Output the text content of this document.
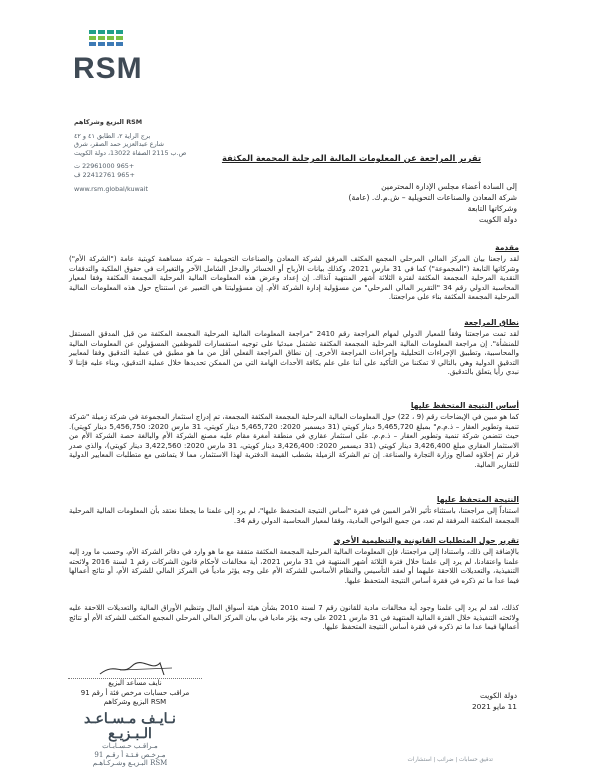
RSM
RSM البزيع وشركاهم
برج الراية ٢، الطابق ٤١ و ٤٢
شارع عبدالعزيز حمد الصقر، شرق
ص.ب 2115 الصفاة 13022، دولة الكويت
+965 22961000 ت
+965 22412761 ف
www.rsm.global/kuwait
تقرير المراجعة عن المعلومات المالية المرحلية المجمعة المكثفة
إلى السادة أعضاء مجلس الإدارة المحترمين
شركة المعادن والصناعات التحويلية – ش.م.ك. (عامة)
وشركاتها التابعة
دولة الكويت
مقدمة
لقد راجعنا بيان المركز المالي المرحلي المجمع المكثف المرفق لشركة المعادن والصناعات التحويلية – شركة مساهمة كويتية عامة ("الشركة الأم") وشركاتها التابعة ("المجموعة") كما في 31 مارس 2021، وكذلك بيانات الأرباح أو الخسائر والدخل الشامل الآخر والتغيرات في حقوق الملكية والتدفقات النقدية المرحلية المجمعة المكثفة لفترة الثلاثة أشهر المنتهية آنذاك. إن إعداد وعرض هذه المعلومات المالية المرحلية المجمعة المكثفة وفقا لمعيار المحاسبة الدولي رقم 34 "التقرير المالي المرحلي" من مسؤولية إدارة الشركة الأم. إن مسؤوليتنا هي التعبير عن استنتاج حول هذه المعلومات المالية المرحلية المجمعة المكثفة بناء على مراجعتنا.
نطاق المراجعة
لقد تمت مراجعتنا وفقاً للمعيار الدولي لمهام المراجعة رقم 2410 "مراجعة المعلومات المالية المرحلية المجمعة المكثفة من قبل المدقق المستقل للمنشأة". إن مراجعة المعلومات المالية المرحلية المجمعة المكثفة تشتمل مبدئيا على توجيه استفسارات للموظفين المسؤولين عن المعلومات المالية والمحاسبية، وتطبيق الإجراءات التحليلية وإجراءات المراجعة الأخرى. إن نطاق المراجعة الفعلي أقل من ما هو مطبق في عملية التدقيق وفقا لمعايير التدقيق الدولية وهي بالتالي لا تمكننا من التأكيد على أننا على علم بكافة الأحداث الهامة التي من الممكن تحديدها خلال عملية التدقيق، وبناء عليه فإننا لا نبدي رأيا يتعلق بالتدقيق.
أساس النتيجة المتحفظ عليها
كما هو مبين في الإيضاحات رقم (9 ، 22) حول المعلومات المالية المرحلية المجمعة المكثفة المجمعة، تم إدراج استثمار المجموعة في شركة زميلة "شركة تنمية وتطوير العقار – ذ.م.م" بمبلغ 5,465,720 دينار كويتي (31 ديسمبر 2020: 5,465,720 دينار كويتي، 31 مارس 2020: 5,456,750 دينار كويتي). حيث تتضمن شركة تنمية وتطوير العقار – ذ.م.م. على استثمار عقاري في منطقة أمغرة مقام عليه مصنع الشركة الأم والبالغة حصة الشركة الأم من الاستثمار العقاري مبلغ 3,426,400 دينار كويتي (31 ديسمبر 2020: 3,426,400 دينار كويتي، 31 مارس 2020: 3,422,560 دينار كويتي)، والذي صدر قرار تم إخلاؤه لصالح وزارة التجارة والصناعة. إن تم الشركة الزميلة بشطب القيمة الدفترية لهذا الاستثمار، مما لا يتماشى مع متطلبات المعايير الدولية للتقارير المالية.
النتيجة المتحفظ عليها
استناداً إلى مراجعتنا، باستثناء تأثير الأمر المبين في فقرة "أساس النتيجة المتحفظ عليها"، لم يرد إلى علمنا ما يجعلنا نعتقد بأن المعلومات المالية المرحلية المجمعة المكثفة المرفقة لم تعد، من جميع النواحي المادية، وفقا لمعيار المحاسبة الدولي رقم 34.
تقرير حول المتطلبات القانونية والتنظيمية الأخرى
بالإضافة إلى ذلك، واستنادا إلى مراجعتنا، فإن المعلومات المالية المرحلية المجمعة المكثفة متفقة مع ما هو وارد في دفاتر الشركة الأم، وحسب ما ورد إليه علمنا واعتقادنا، لم يرد إلى علمنا خلال فترة الثلاثة أشهر المنتهية في 31 مارس 2021، أية مخالفات لأحكام قانون الشركات رقم 1 لسنة 2016 ولائحته التنفيذية، والتعديلات اللاحقة عليهما أو لعقد التأسيس والنظام الأساسي للشركة الأم على وجه يؤثر مادياً في المركز المالي للشركة الأم، أو نتائج أعمالها فيما عدا ما تم ذكره في فقرة أساس النتيجة المتحفظ عليها.
كذلك، لقد لم يرد إلى علمنا وجود أية مخالفات مادية للقانون رقم 7 لسنة 2010 بشأن هيئة أسواق المال وتنظيم الأوراق المالية والتعديلات اللاحقة عليه ولائحته التنفيذية خلال الفترة المالية المنتهية في 31 مارس 2021 على وجه يؤثر ماديا في بيان المركز المالي المرحلي المجمع المكثف للشركة الأم أو نتائج أعمالها فيما عدا ما تم ذكره في فقرة أساس النتيجة المتحفظ عليها.
نايف مساعد البزيع
مراقب حسابات مرخص فئة أ رقم 91
RSM البزيع وشركاهم
نـايـف مـسـاعـد الـبـزيـع
مـراقـب حـسـابـات
مـرخـص فـئـة أ رقـم 91
RSM البـزيـع وشـركـاهـم
دولة الكويت
11 مايو 2021
تدقيق حسابات | ضرائب | استشارات
